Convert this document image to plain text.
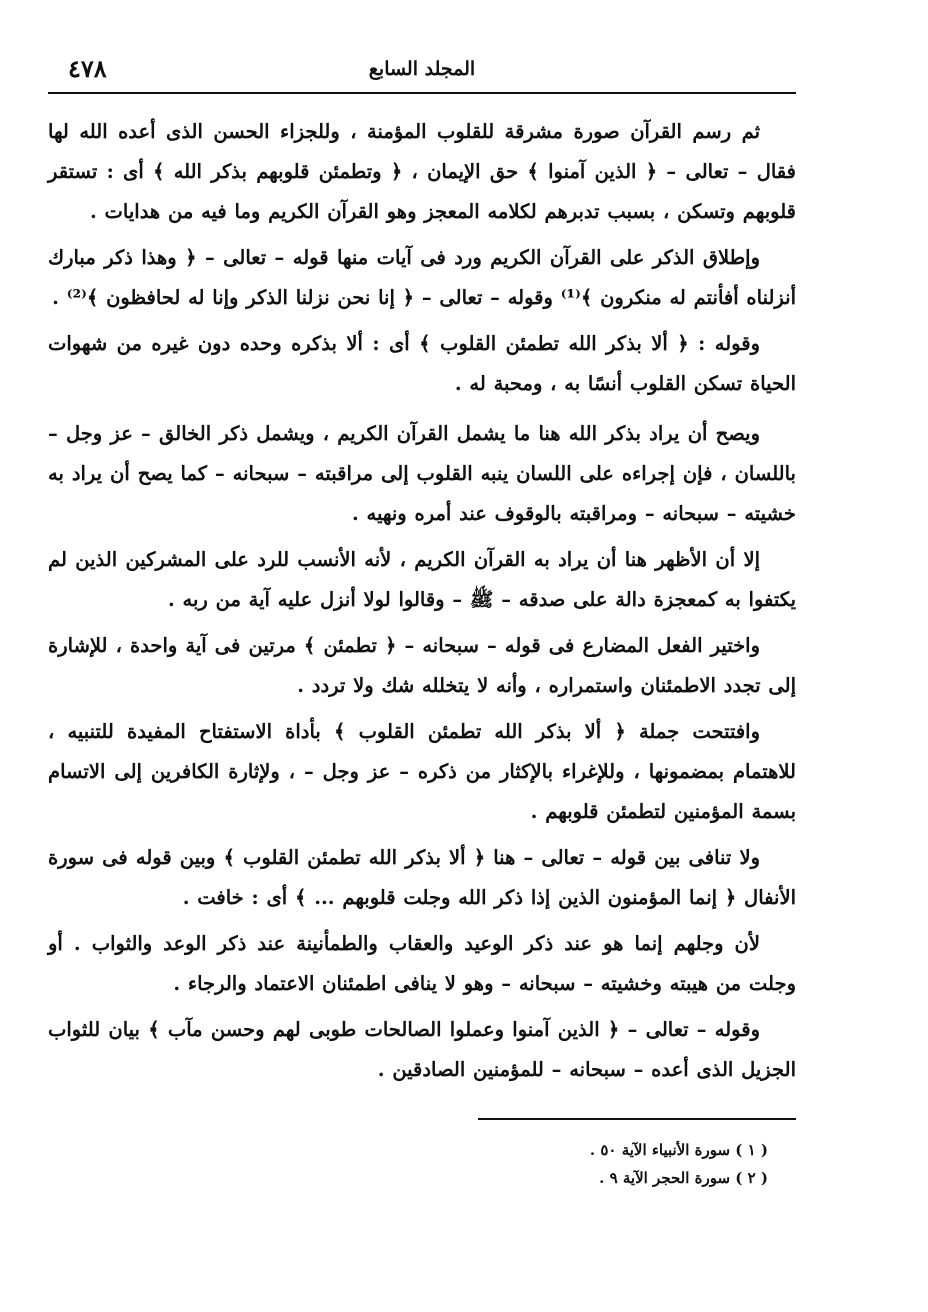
٤٧٨	المجلد السابع

ثم رسم القرآن صورة مشرقة للقلوب المؤمنة ، وللجزاء الحسن الذى أعده الله لها فقال – تعالى – ﴿ الذين آمنوا ﴾ حق الإيمان ، ﴿ وتطمئن قلوبهم بذكر الله ﴾ أى : تستقر قلوبهم وتسكن ، بسبب تدبرهم لكلامه المعجز وهو القرآن الكريم وما فيه من هدايات .

وإطلاق الذكر على القرآن الكريم ورد فى آيات منها قوله – تعالى – ﴿ وهذا ذكر مبارك أنزلناه أفأنتم له منكرون ﴾⁽¹⁾ وقوله – تعالى – ﴿ إنا نحن نزلنا الذكر وإنا له لحافظون ﴾⁽²⁾ .

وقوله : ﴿ ألا بذكر الله تطمئن القلوب ﴾ أى : ألا بذكره وحده دون غيره من شهوات الحياة تسكن القلوب أنسًا به ، ومحبة له .

ويصح أن يراد بذكر الله هنا ما يشمل القرآن الكريم ، ويشمل ذكر الخالق – عز وجل – باللسان ، فإن إجراءه على اللسان ينبه القلوب إلى مراقبته – سبحانه – كما يصح أن يراد به خشيته – سبحانه – ومراقبته بالوقوف عند أمره ونهيه .

إلا أن الأظهر هنا أن يراد به القرآن الكريم ، لأنه الأنسب للرد على المشركين الذين لم يكتفوا به كمعجزة دالة على صدقه – ﷺ – وقالوا لولا أنزل عليه آية من ربه .

واختير الفعل المضارع فى قوله – سبحانه – ﴿ تطمئن ﴾ مرتين فى آية واحدة ، للإشارة إلى تجدد الاطمئنان واستمراره ، وأنه لا يتخلله شك ولا تردد .

وافتتحت جملة ﴿ ألا بذكر الله تطمئن القلوب ﴾ بأداة الاستفتاح المفيدة للتنبيه ، للاهتمام بمضمونها ، وللإغراء بالإكثار من ذكره – عز وجل – ، ولإثارة الكافرين إلى الاتسام بسمة المؤمنين لتطمئن قلوبهم .

ولا تنافى بين قوله – تعالى – هنا ﴿ ألا بذكر الله تطمئن القلوب ﴾ وبين قوله فى سورة الأنفال ﴿ إنما المؤمنون الذين إذا ذكر الله وجلت قلوبهم ... ﴾ أى : خافت .

لأن وجلهم إنما هو عند ذكر الوعيد والعقاب والطمأنينة عند ذكر الوعد والثواب . أو وجلت من هيبته وخشيته – سبحانه – وهو لا ينافى اطمئنان الاعتماد والرجاء .

وقوله – تعالى – ﴿ الذين آمنوا وعملوا الصالحات طوبى لهم وحسن مآب ﴾ بيان للثواب الجزيل الذى أعده – سبحانه – للمؤمنين الصادقين .

( ١ ) سورة الأنبياء الآية ٥٠ .
( ٢ ) سورة الحجر الآية ٩ .
